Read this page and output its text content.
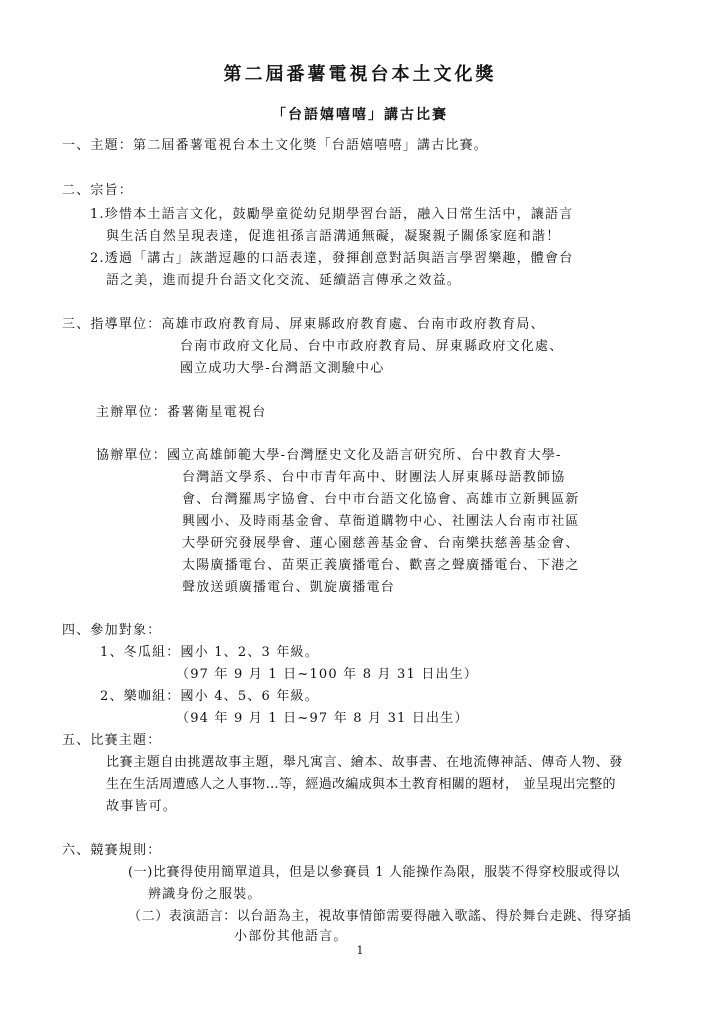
第二屆番薯電視台本土文化獎
「台語嬉嘻嘻」講古比賽
一、主題：第二屆番薯電視台本土文化獎「台語嬉嘻嘻」講古比賽。
二、宗旨：
1.珍惜本土語言文化，鼓勵學童從幼兒期學習台語，融入日常生活中，讓語言
與生活自然呈現表達，促進祖孫言語溝通無礙，凝聚親子關係家庭和諧！
2.透過「講古」詼諧逗趣的口語表達，發揮創意對話與語言學習樂趣，體會台
語之美，進而提升台語文化交流、延續語言傳承之效益。
三、指導單位：高雄市政府教育局、屏東縣政府教育處、台南市政府教育局、
台南市政府文化局、台中市政府教育局、屏東縣政府文化處、
國立成功大學-台灣語文測驗中心
主辦單位：番薯衛星電視台
協辦單位：國立高雄師範大學-台灣歷史文化及語言研究所、台中教育大學-
台灣語文學系、台中市青年高中、財團法人屏東縣母語教師協
會、台灣羅馬字協會、台中市台語文化協會、高雄市立新興區新
興國小、及時雨基金會、草衙道購物中心、社團法人台南市社區
大學研究發展學會、蓮心園慈善基金會、台南樂扶慈善基金會、
太陽廣播電台、苗栗正義廣播電台、歡喜之聲廣播電台、下港之
聲放送頭廣播電台、凱旋廣播電台
四、參加對象：
1、冬瓜組：國小 1、2、3 年級。
（97 年 9 月 1 日~100 年 8 月 31 日出生）
2、樂咖組：國小 4、5、6 年級。
（94 年 9 月 1 日~97 年 8 月 31 日出生）
五、比賽主題：
比賽主題自由挑選故事主題，舉凡寓言、繪本、故事書、在地流傳神話、傳奇人物、發
生在生活周遭感人之人事物…等，經過改編成與本土教育相關的題材， 並呈現出完整的
故事皆可。
六、競賽規則：
(一)比賽得使用簡單道具，但是以參賽員 1 人能操作為限，服裝不得穿校服或得以
辨識身份之服裝。
（二）表演語言：以台語為主，視故事情節需要得融入歌謠、得於舞台走跳、得穿插
小部份其他語言。
1
